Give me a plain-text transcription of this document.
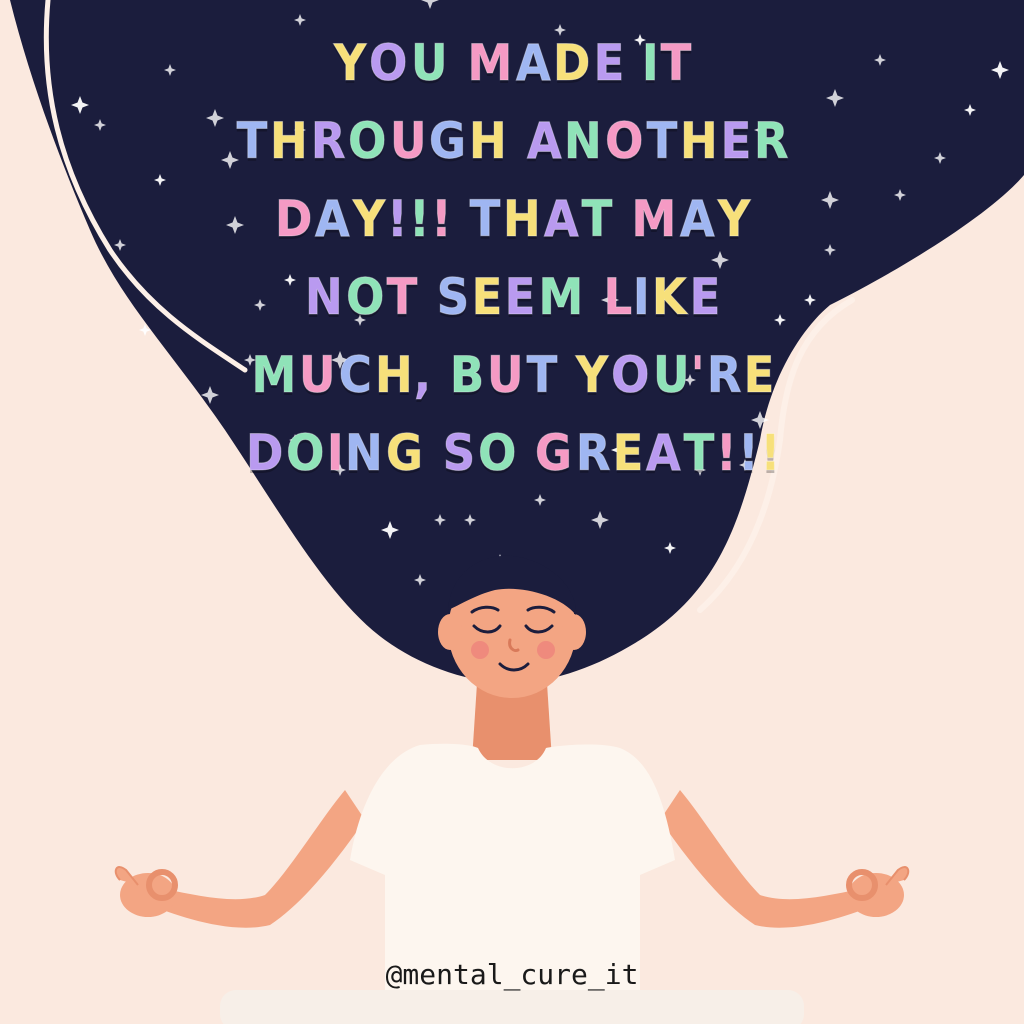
YOU MADE IT
THROUGH ANOTHER
DAY!!! THAT MAY
NOT SEEM LIKE
MUCH, BUT YOU'RE
DOING SO GREAT!!!
@mental_cure_it
